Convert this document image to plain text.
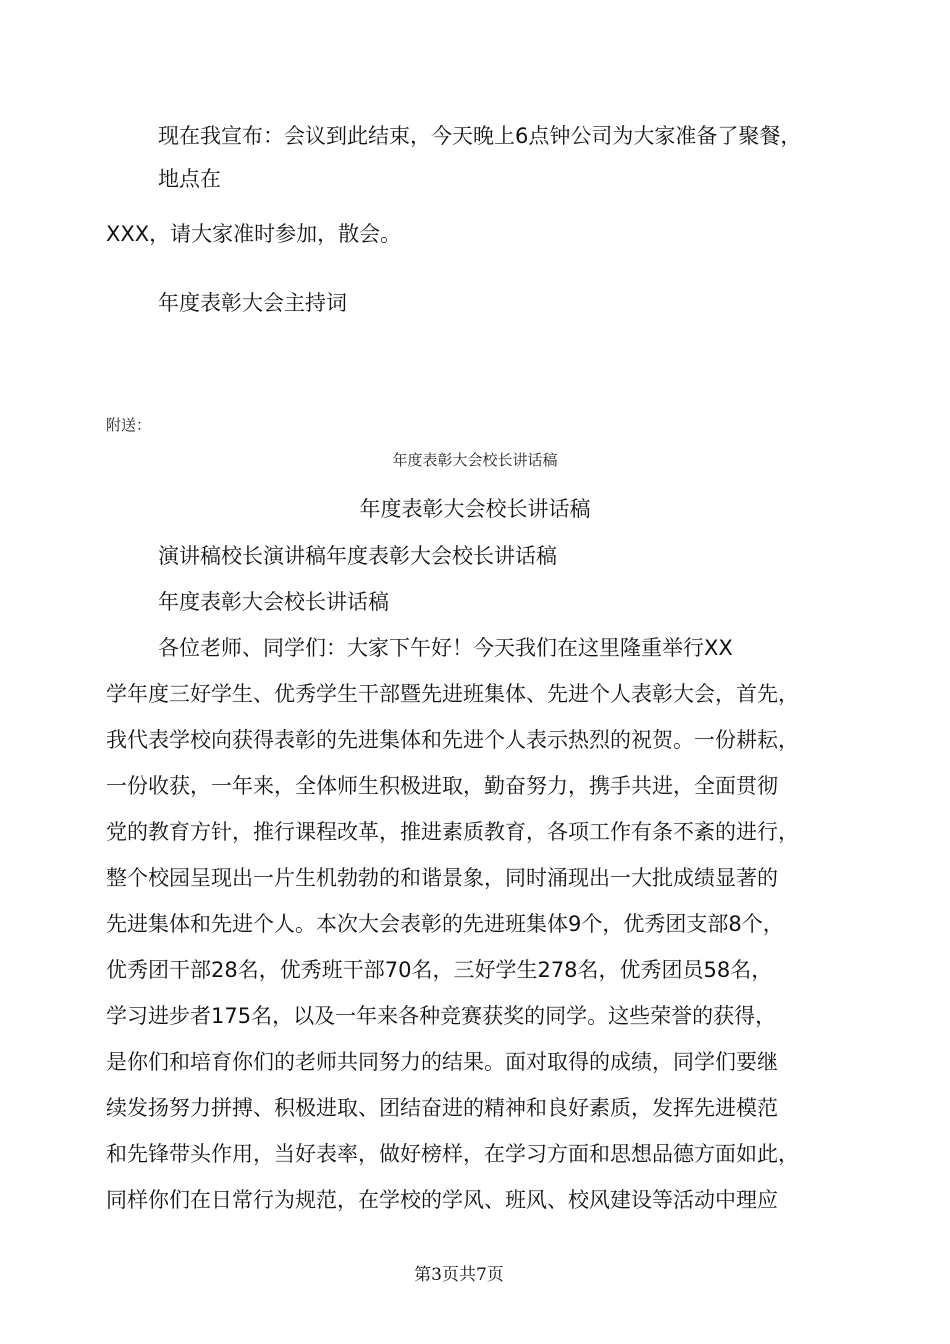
现在我宣布：会议到此结束，今天晚上6点钟公司为大家准备了聚餐，
地点在
XXX，请大家准时参加，散会。
年度表彰大会主持词
附送：
年度表彰大会校长讲话稿
年度表彰大会校长讲话稿
演讲稿校长演讲稿年度表彰大会校长讲话稿
年度表彰大会校长讲话稿
各位老师、同学们：大家下午好！今天我们在这里隆重举行XX
学年度三好学生、优秀学生干部暨先进班集体、先进个人表彰大会，首先，
我代表学校向获得表彰的先进集体和先进个人表示热烈的祝贺。一份耕耘，
一份收获，一年来，全体师生积极进取，勤奋努力，携手共进，全面贯彻
党的教育方针，推行课程改革，推进素质教育，各项工作有条不紊的进行，
整个校园呈现出一片生机勃勃的和谐景象，同时涌现出一大批成绩显著的
先进集体和先进个人。本次大会表彰的先进班集体9个，优秀团支部8个，
优秀团干部28名，优秀班干部70名，三好学生278名，优秀团员58名，
学习进步者175名，以及一年来各种竞赛获奖的同学。这些荣誉的获得，
是你们和培育你们的老师共同努力的结果。面对取得的成绩，同学们要继
续发扬努力拼搏、积极进取、团结奋进的精神和良好素质，发挥先进模范
和先锋带头作用，当好表率，做好榜样，在学习方面和思想品德方面如此，
同样你们在日常行为规范，在学校的学风、班风、校风建设等活动中理应
第3页共7页
